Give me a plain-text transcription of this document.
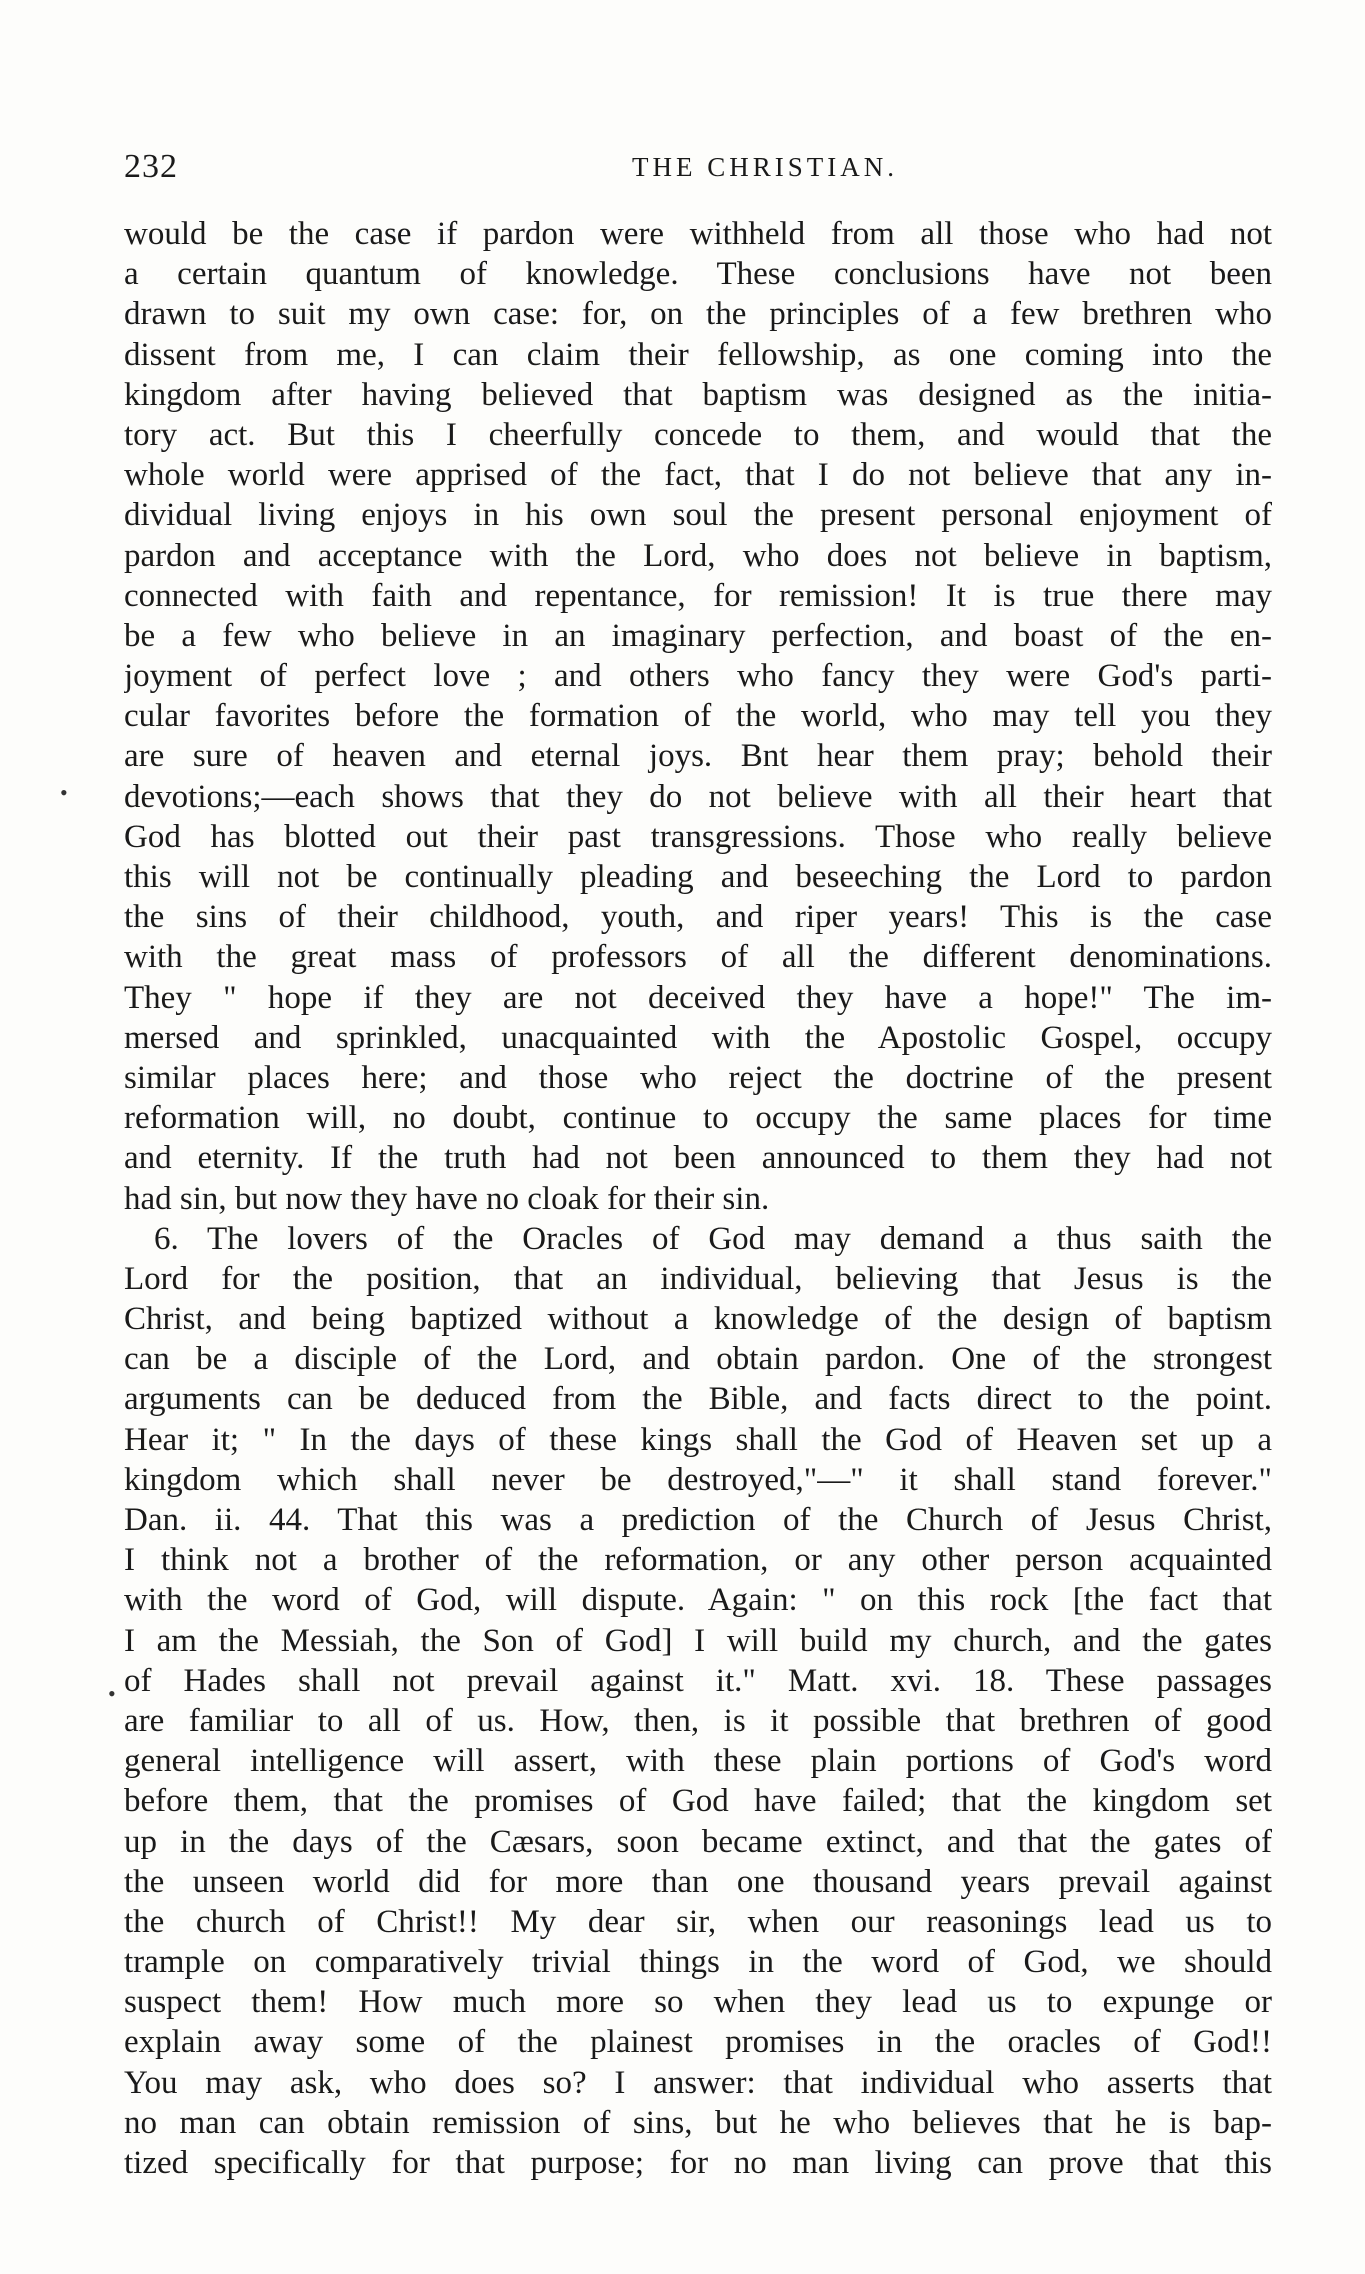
232	THE CHRISTIAN.
•
•
would be the case if pardon were withheld from all those who had not
a certain quantum of knowledge. These conclusions have not been
drawn to suit my own case: for, on the principles of a few brethren who
dissent from me, I can claim their fellowship, as one coming into the
kingdom after having believed that baptism was designed as the initia-
tory act. But this I cheerfully concede to them, and would that the
whole world were apprised of the fact, that I do not believe that any in-
dividual living enjoys in his own soul the present personal enjoyment of
pardon and acceptance with the Lord, who does not believe in baptism,
connected with faith and repentance, for remission! It is true there may
be a few who believe in an imaginary perfection, and boast of the en-
joyment of perfect love ; and others who fancy they were God's parti-
cular favorites before the formation of the world, who may tell you they
are sure of heaven and eternal joys. Bnt hear them pray; behold their
devotions;—each shows that they do not believe with all their heart that
God has blotted out their past transgressions. Those who really believe
this will not be continually pleading and beseeching the Lord to pardon
the sins of their childhood, youth, and riper years! This is the case
with the great mass of professors of all the different denominations.
They " hope if they are not deceived they have a hope!" The im-
mersed and sprinkled, unacquainted with the Apostolic Gospel, occupy
similar places here; and those who reject the doctrine of the present
reformation will, no doubt, continue to occupy the same places for time
and eternity. If the truth had not been announced to them they had not
had sin, but now they have no cloak for their sin.
6. The lovers of the Oracles of God may demand a thus saith the
Lord for the position, that an individual, believing that Jesus is the
Christ, and being baptized without a knowledge of the design of baptism
can be a disciple of the Lord, and obtain pardon. One of the strongest
arguments can be deduced from the Bible, and facts direct to the point.
Hear it; " In the days of these kings shall the God of Heaven set up a
kingdom which shall never be destroyed,"—" it shall stand forever."
Dan. ii. 44. That this was a prediction of the Church of Jesus Christ,
I think not a brother of the reformation, or any other person acquainted
with the word of God, will dispute. Again: " on this rock [the fact that
I am the Messiah, the Son of God] I will build my church, and the gates
of Hades shall not prevail against it." Matt. xvi. 18. These passages
are familiar to all of us. How, then, is it possible that brethren of good
general intelligence will assert, with these plain portions of God's word
before them, that the promises of God have failed; that the kingdom set
up in the days of the Cæsars, soon became extinct, and that the gates of
the unseen world did for more than one thousand years prevail against
the church of Christ!! My dear sir, when our reasonings lead us to
trample on comparatively trivial things in the word of God, we should
suspect them! How much more so when they lead us to expunge or
explain away some of the plainest promises in the oracles of God!!
You may ask, who does so? I answer: that individual who asserts that
no man can obtain remission of sins, but he who believes that he is bap-
tized specifically for that purpose; for no man living can prove that this
